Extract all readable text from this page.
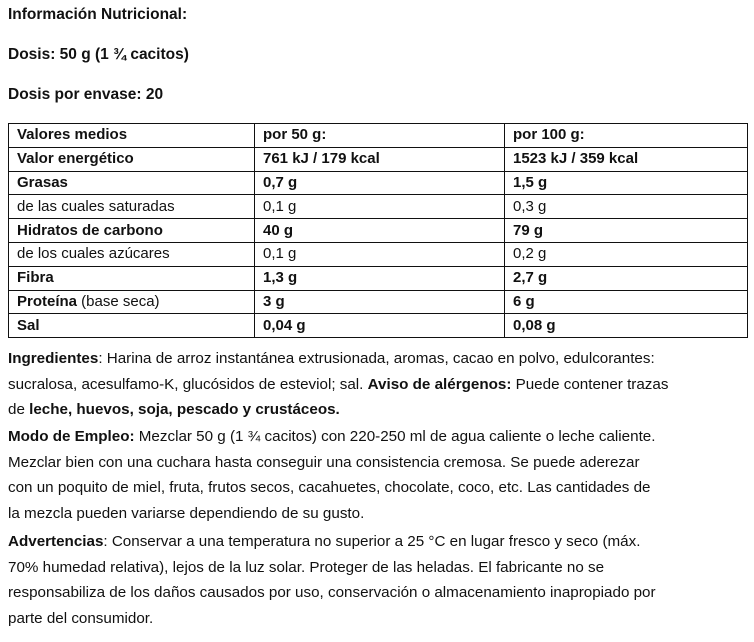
Información Nutricional:
Dosis: 50 g (1 ¾ cacitos)
Dosis por envase: 20
Valores medios	por 50 g:	por 100 g:
Valor energético	761 kJ / 179 kcal	1523 kJ / 359 kcal
Grasas	0,7 g	1,5 g
de las cuales saturadas	0,1 g	0,3 g
Hidratos de carbono	40 g	79 g
de los cuales azúcares	0,1 g	0,2 g
Fibra	1,3 g	2,7 g
Proteína (base seca)	3 g	6 g
Sal	0,04 g	0,08 g
Ingredientes: Harina de arroz instantánea extrusionada, aromas, cacao en polvo, edulcorantes:
sucralosa, acesulfamo-K, glucósidos de esteviol; sal. Aviso de alérgenos: Puede contener trazas
de leche, huevos, soja, pescado y crustáceos.
Modo de Empleo: Mezclar 50 g (1 ¾ cacitos) con 220-250 ml de agua caliente o leche caliente.
Mezclar bien con una cuchara hasta conseguir una consistencia cremosa. Se puede aderezar
con un poquito de miel, fruta, frutos secos, cacahuetes, chocolate, coco, etc. Las cantidades de
la mezcla pueden variarse dependiendo de su gusto.
Advertencias: Conservar a una temperatura no superior a 25 °C en lugar fresco y seco (máx.
70% humedad relativa), lejos de la luz solar. Proteger de las heladas. El fabricante no se
responsabiliza de los daños causados por uso, conservación o almacenamiento inapropiado por
parte del consumidor.
